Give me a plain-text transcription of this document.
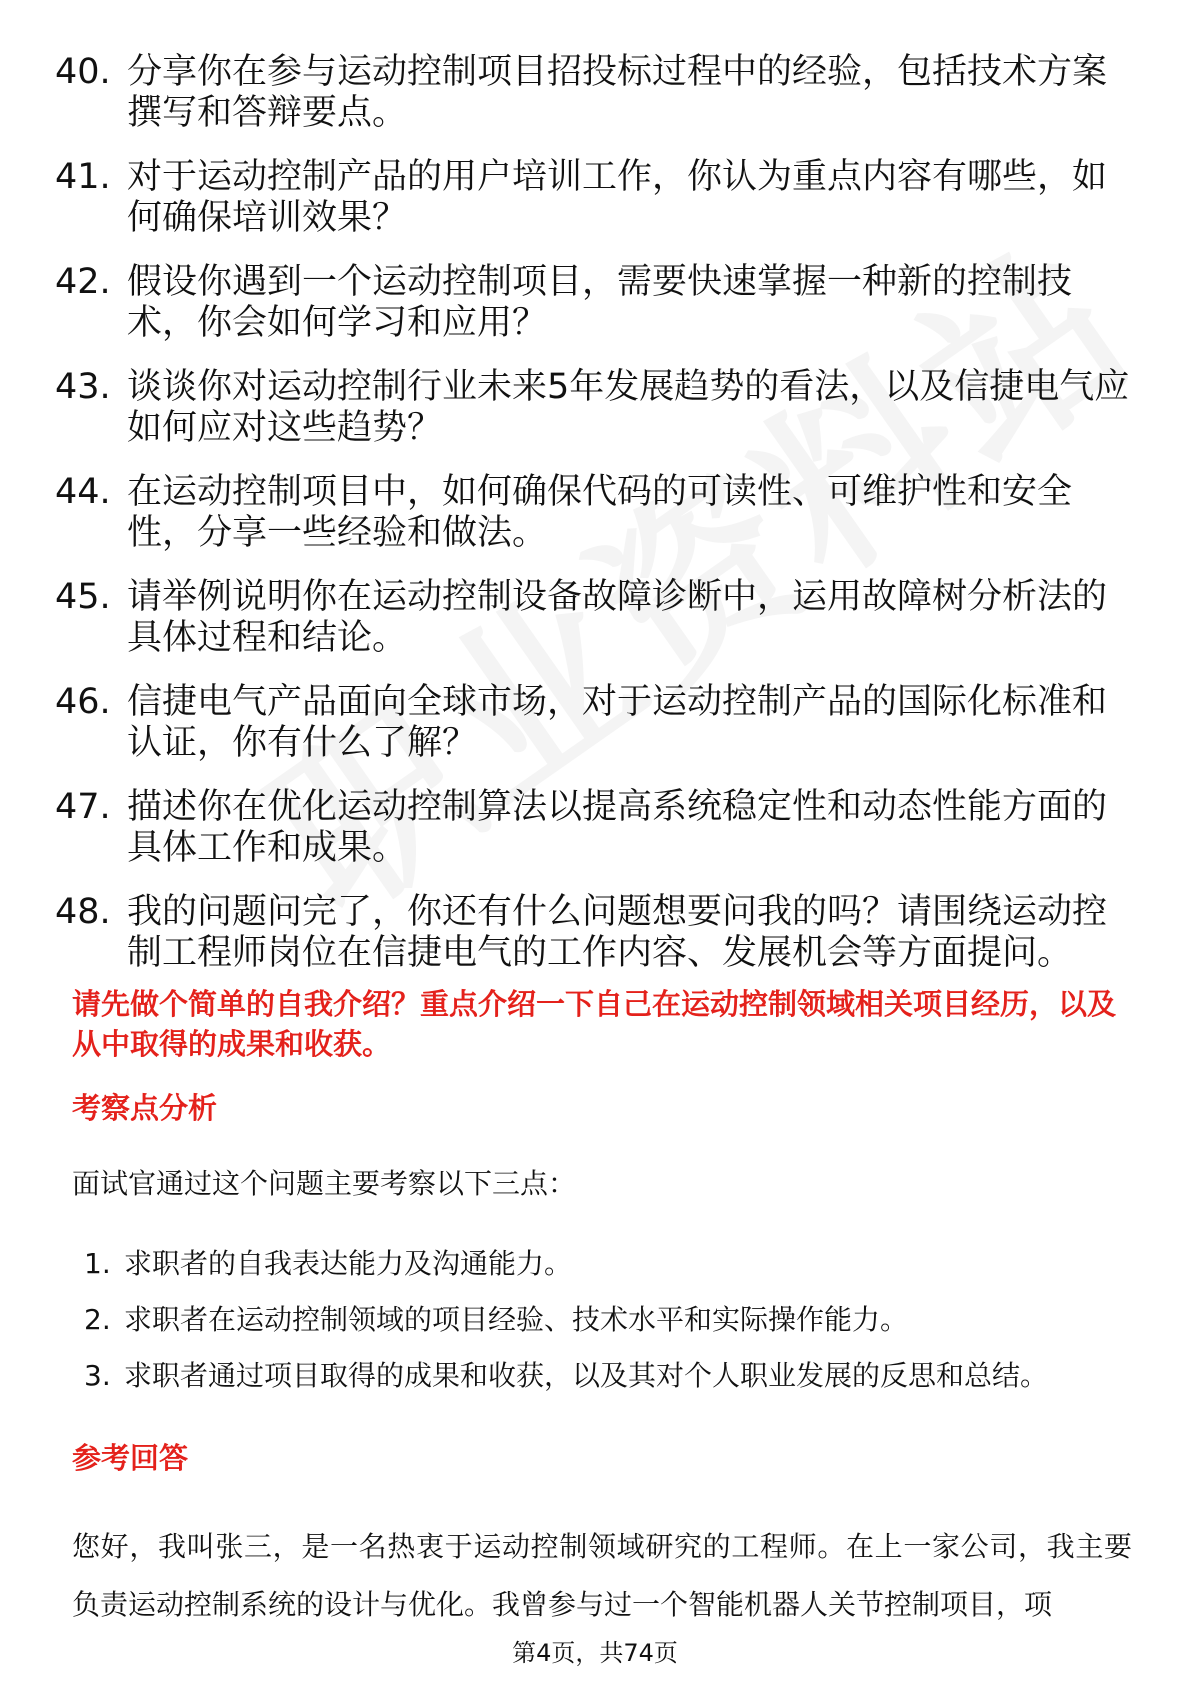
40. 分享你在参与运动控制项目招投标过程中的经验，包括技术方案撰写和答辩要点。
41. 对于运动控制产品的用户培训工作，你认为重点内容有哪些，如何确保培训效果？
42. 假设你遇到一个运动控制项目，需要快速掌握一种新的控制技术，你会如何学习和应用？
43. 谈谈你对运动控制行业未来5年发展趋势的看法，以及信捷电气应如何应对这些趋势？
44. 在运动控制项目中，如何确保代码的可读性、可维护性和安全性，分享一些经验和做法。
45. 请举例说明你在运动控制设备故障诊断中，运用故障树分析法的具体过程和结论。
46. 信捷电气产品面向全球市场，对于运动控制产品的国际化标准和认证，你有什么了解？
47. 描述你在优化运动控制算法以提高系统稳定性和动态性能方面的具体工作和成果。
48. 我的问题问完了，你还有什么问题想要问我的吗？请围绕运动控制工程师岗位在信捷电气的工作内容、发展机会等方面提问。
请先做个简单的自我介绍？重点介绍一下自己在运动控制领域相关项目经历，以及从中取得的成果和收获。
考察点分析
面试官通过这个问题主要考察以下三点：
1. 求职者的自我表达能力及沟通能力。
2. 求职者在运动控制领域的项目经验、技术水平和实际操作能力。
3. 求职者通过项目取得的成果和收获，以及其对个人职业发展的反思和总结。
参考回答
您好，我叫张三，是一名热衷于运动控制领域研究的工程师。在上一家公司，我主要负责运动控制系统的设计与优化。我曾参与过一个智能机器人关节控制项目，项
第4页，共74页
